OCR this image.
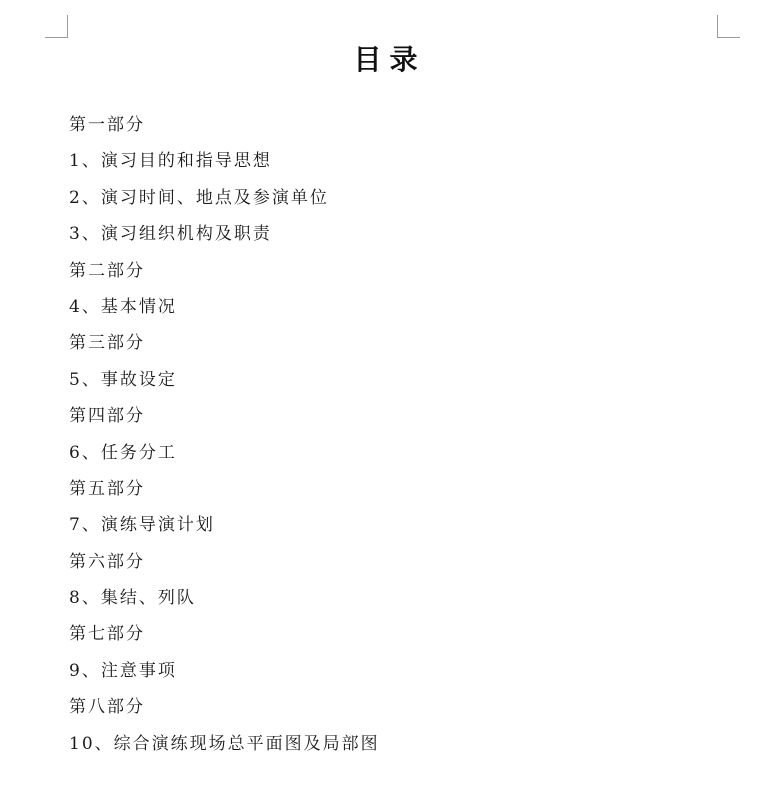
目录
第一部分
1、演习目的和指导思想
2、演习时间、地点及参演单位
3、演习组织机构及职责
第二部分
4、基本情况
第三部分
5、事故设定
第四部分
6、任务分工
第五部分
7、演练导演计划
第六部分
8、集结、列队
第七部分
9、注意事项
第八部分
10、综合演练现场总平面图及局部图
